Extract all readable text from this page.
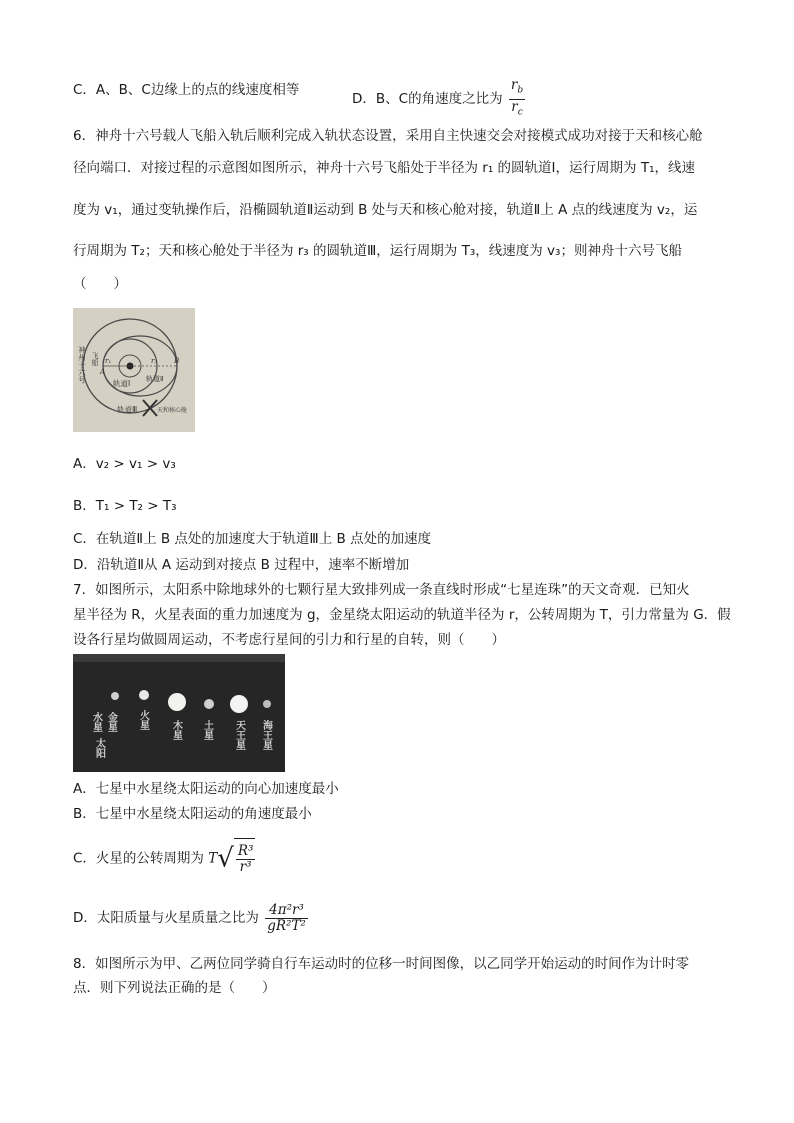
C．A、B、C边缘上的点的线速度相等
D．B、C的角速度之比为 $\frac{r_b}{r_c}$
6．神舟十六号载人飞船入轨后顺利完成入轨状态设置，采用自主快速交会对接模式成功对接于天和核心舱
径向端口．对接过程的示意图如图所示，神舟十六号飞船处于半径为 r₁ 的圆轨道Ⅰ，运行周期为 T₁，线速
度为 v₁，通过变轨操作后，沿椭圆轨道Ⅱ运动到 B 处与天和核心舱对接，轨道Ⅱ上 A 点的线速度为 v₂，运
行周期为 T₂；天和核心舱处于半径为 r₃ 的圆轨道Ⅲ，运行周期为 T₃，线速度为 v₃；则神舟十六号飞船
（　　）
神州十六号 飞船 r₁	r₃
A
B
轨道Ⅰ 轨道Ⅱ
轨道Ⅲ	天和核心舱
A．v₂ > v₁ > v₃
B．T₁ > T₂ > T₃
C．在轨道Ⅱ上 B 点处的加速度大于轨道Ⅲ上 B 点处的加速度
D．沿轨道Ⅱ从 A 运动到对接点 B 过程中，速率不断增加
7．如图所示，太阳系中除地球外的七颗行星大致排列成一条直线时形成“七星连珠”的天文奇观．已知火
星半径为 R，火星表面的重力加速度为 g，金星绕太阳运动的轨道半径为 r，公转周期为 T，引力常量为 G．假
设各行星均做圆周运动，不考虑行星间的引力和行星的自转，则（　　）
水星 金星 火星 木星 土星 天王星 海王星
太阳
A．七星中水星绕太阳运动的向心加速度最小
B．七星中水星绕太阳运动的角速度最小
C．火星的公转周期为 $T√ \frac{\text{R³}}{\text{r³}}$
D．太阳质量与火星质量之比为 $\frac{\text{4π²r³}}{\text{gR²T²}}$
8．如图所示为甲、乙两位同学骑自行车运动时的位移一时间图像，以乙同学开始运动的时间作为计时零
点．则下列说法正确的是（　　）
